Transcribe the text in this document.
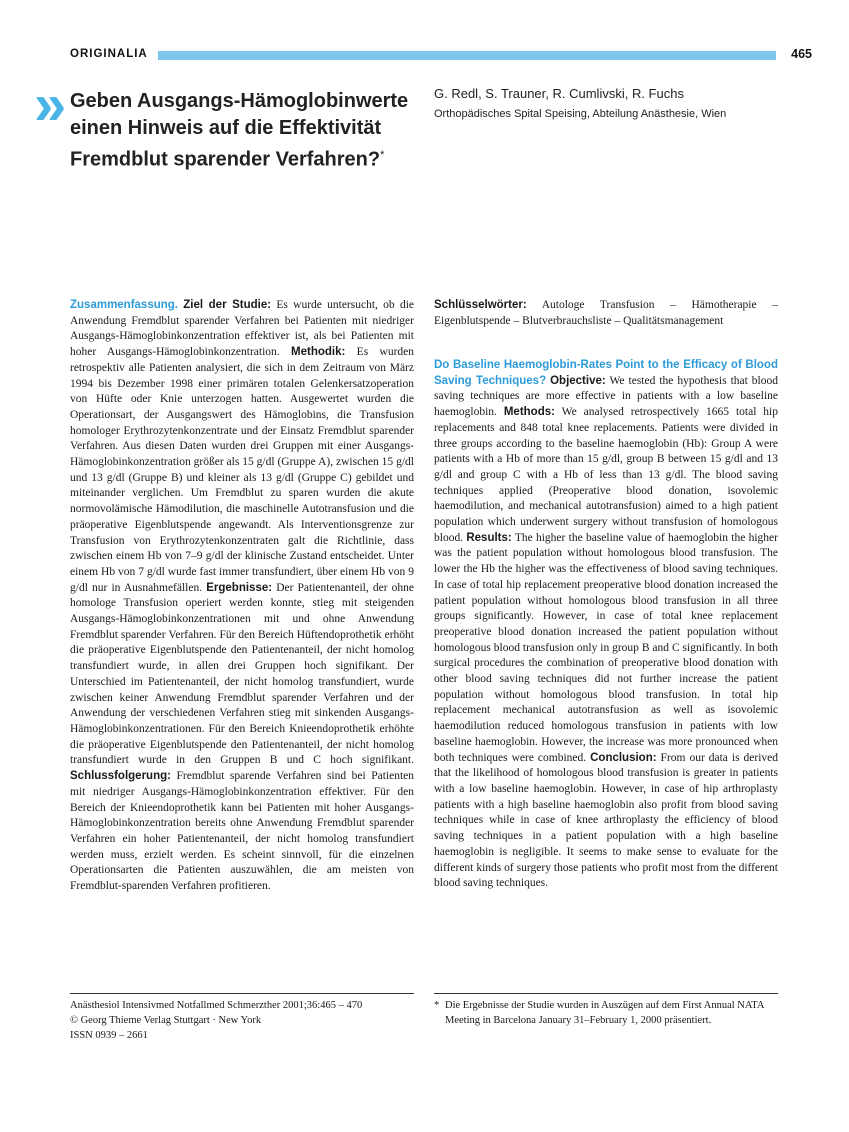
ORIGINALIA	465
» Geben Ausgangs-Hämoglobinwerte einen Hinweis auf die Effektivität Fremdblut sparender Verfahren?*

G. Redl, S. Trauner, R. Cumlivski, R. Fuchs

Orthopädisches Spital Speising, Abteilung Anästhesie, Wien

Zusammenfassung. Ziel der Studie: Es wurde untersucht, ob die Anwendung Fremdblut sparender Verfahren bei Patienten mit niedriger Ausgangs-Hämoglobinkonzentration effektiver ist, als bei Patienten mit hoher Ausgangs-Hämoglobinkonzentration. Methodik: Es wurden retrospektiv alle Patienten analysiert, die sich in dem Zeitraum von März 1994 bis Dezember 1998 einer primären totalen Gelenkersatzoperation von Hüfte oder Knie unterzogen hatten. Ausgewertet wurden die Operationsart, der Ausgangswert des Hämoglobins, die Transfusion homologer Erythrozytenkonzentrate und der Einsatz Fremdblut sparender Verfahren. Aus diesen Daten wurden drei Gruppen mit einer Ausgangs-Hämoglobinkonzentration größer als 15 g/dl (Gruppe A), zwischen 15 g/dl und 13 g/dl (Gruppe B) und kleiner als 13 g/dl (Gruppe C) gebildet und miteinander verglichen. Um Fremdblut zu sparen wurden die akute normovolämische Hämodilution, die maschinelle Autotransfusion und die präoperative Eigenblutspende angewandt. Als Interventionsgrenze zur Transfusion von Erythrozytenkonzentraten galt die Richtlinie, dass zwischen einem Hb von 7–9 g/dl der klinische Zustand entscheidet. Unter einem Hb von 7 g/dl wurde fast immer transfundiert, über einem Hb von 9 g/dl nur in Ausnahmefällen. Ergebnisse: Der Patientenanteil, der ohne homologe Transfusion operiert werden konnte, stieg mit steigenden Ausgangs-Hämoglobinkonzentrationen mit und ohne Anwendung Fremdblut sparender Verfahren. Für den Bereich Hüftendoprothetik erhöht die präoperative Eigenblutspende den Patientenanteil, der nicht homolog transfundiert wurde, in allen drei Gruppen hoch signifikant. Der Unterschied im Patientenanteil, der nicht homolog transfundiert, wurde zwischen keiner Anwendung Fremdblut sparender Verfahren und der Anwendung der verschiedenen Verfahren stieg mit sinkenden Ausgangs-Hämoglobinkonzentrationen. Für den Bereich Knieendoprothetik erhöhte die präoperative Eigenblutspende den Patientenanteil, der nicht homolog transfundiert wurde in den Gruppen B und C hoch signifikant. Schlussfolgerung: Fremdblut sparende Verfahren sind bei Patienten mit niedriger Ausgangs-Hämoglobinkonzentration effektiver. Für den Bereich der Knieendoprothetik kann bei Patienten mit hoher Ausgangs-Hämoglobinkonzentration bereits ohne Anwendung Fremdblut sparender Verfahren ein hoher Patientenanteil, der nicht homolog transfundiert werden muss, erzielt werden. Es scheint sinnvoll, für die einzelnen Operationsarten die Patienten auszuwählen, die am meisten von Fremdblut-sparenden Verfahren profitieren.

Schlüsselwörter: Autologe Transfusion – Hämotherapie – Eigenblutspende – Blutverbrauchsliste – Qualitätsmanagement

Do Baseline Haemoglobin-Rates Point to the Efficacy of Blood Saving Techniques? Objective: We tested the hypothesis that blood saving techniques are more effective in patients with a low baseline haemoglobin. Methods: We analysed retrospectively 1665 total hip replacements and 848 total knee replacements. Patients were divided in three groups according to the baseline haemoglobin (Hb): Group A were patients with a Hb of more than 15 g/dl, group B between 15 g/dl and 13 g/dl and group C with a Hb of less than 13 g/dl. The blood saving techniques applied (Preoperative blood donation, isovolemic haemodilution, and mechanical autotransfusion) aimed to a high patient population which underwent surgery without transfusion of homologous blood. Results: The higher the baseline value of haemoglobin the higher was the patient population without homologous blood transfusion. The lower the Hb the higher was the effectiveness of blood saving techniques. In case of total hip replacement preoperative blood donation increased the patient population without homologous blood transfusion in all three groups significantly. However, in case of total knee replacement preoperative blood donation increased the patient population without homologous blood transfusion only in group B and C significantly. In both surgical procedures the combination of preoperative blood donation with other blood saving techniques did not further increase the patient population without homologous blood transfusion. In total hip replacement mechanical autotransfusion as well as isovolemic haemodilution reduced homologous transfusion in patients with low baseline haemoglobin. However, the increase was more pronounced when both techniques were combined. Conclusion: From our data is derived that the likelihood of homologous blood transfusion is greater in patients with a low baseline haemoglobin. However, in case of hip arthroplasty patients with a high baseline haemoglobin also profit from blood saving techniques while in case of knee arthroplasty the efficiency of blood saving techniques in a patient population with a high baseline haemoglobin is negligible. It seems to make sense to evaluate for the different kinds of surgery those patients who profit most from the different blood saving techniques.

Anästhesiol Intensivmed Notfallmed Schmerzther 2001;36:465 – 470
© Georg Thieme Verlag Stuttgart · New York
ISSN 0939 – 2661
* Die Ergebnisse der Studie wurden in Auszügen auf dem First Annual NATA Meeting in Barcelona January 31–February 1, 2000 präsentiert.
